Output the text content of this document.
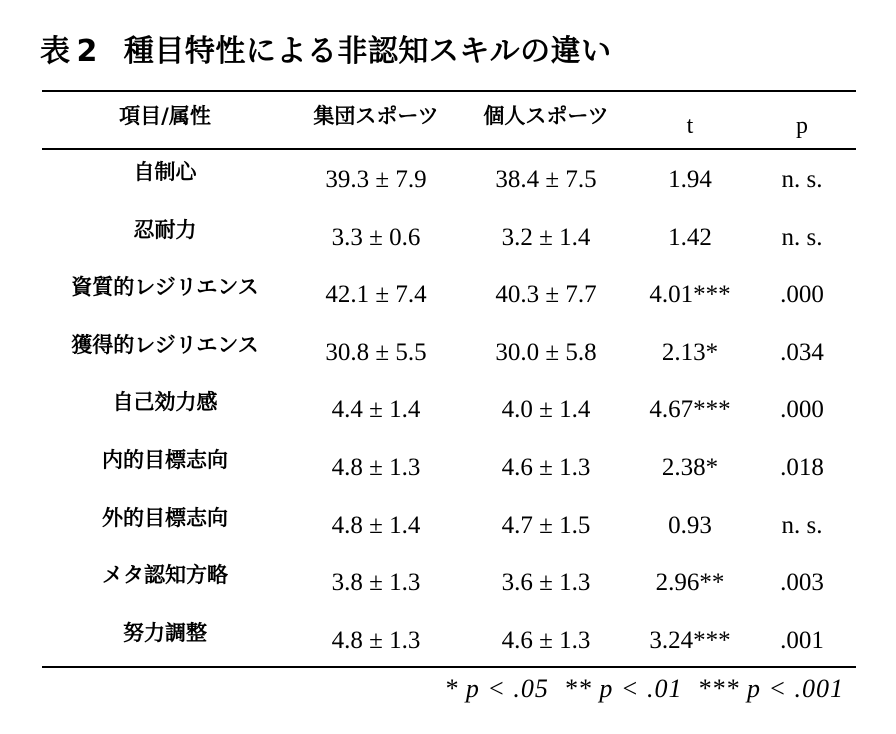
表 2 種目特性による非認知スキルの違い
項目/属性	集団スポーツ	個人スポーツ	t	p
自制心	39.3 ± 7.9	38.4 ± 7.5	1.94	n. s.
忍耐力	3.3 ± 0.6	3.2 ± 1.4	1.42	n. s.
資質的レジリエンス	42.1 ± 7.4	40.3 ± 7.7	4.01***	.000
獲得的レジリエンス	30.8 ± 5.5	30.0 ± 5.8	2.13*	.034
自己効力感	4.4 ± 1.4	4.0 ± 1.4	4.67***	.000
内的目標志向	4.8 ± 1.3	4.6 ± 1.3	2.38*	.018
外的目標志向	4.8 ± 1.4	4.7 ± 1.5	0.93	n. s.
メタ認知方略	3.8 ± 1.3	3.6 ± 1.3	2.96**	.003
努力調整	4.8 ± 1.3	4.6 ± 1.3	3.24***	.001
* p < .05  ** p < .01  *** p < .001
